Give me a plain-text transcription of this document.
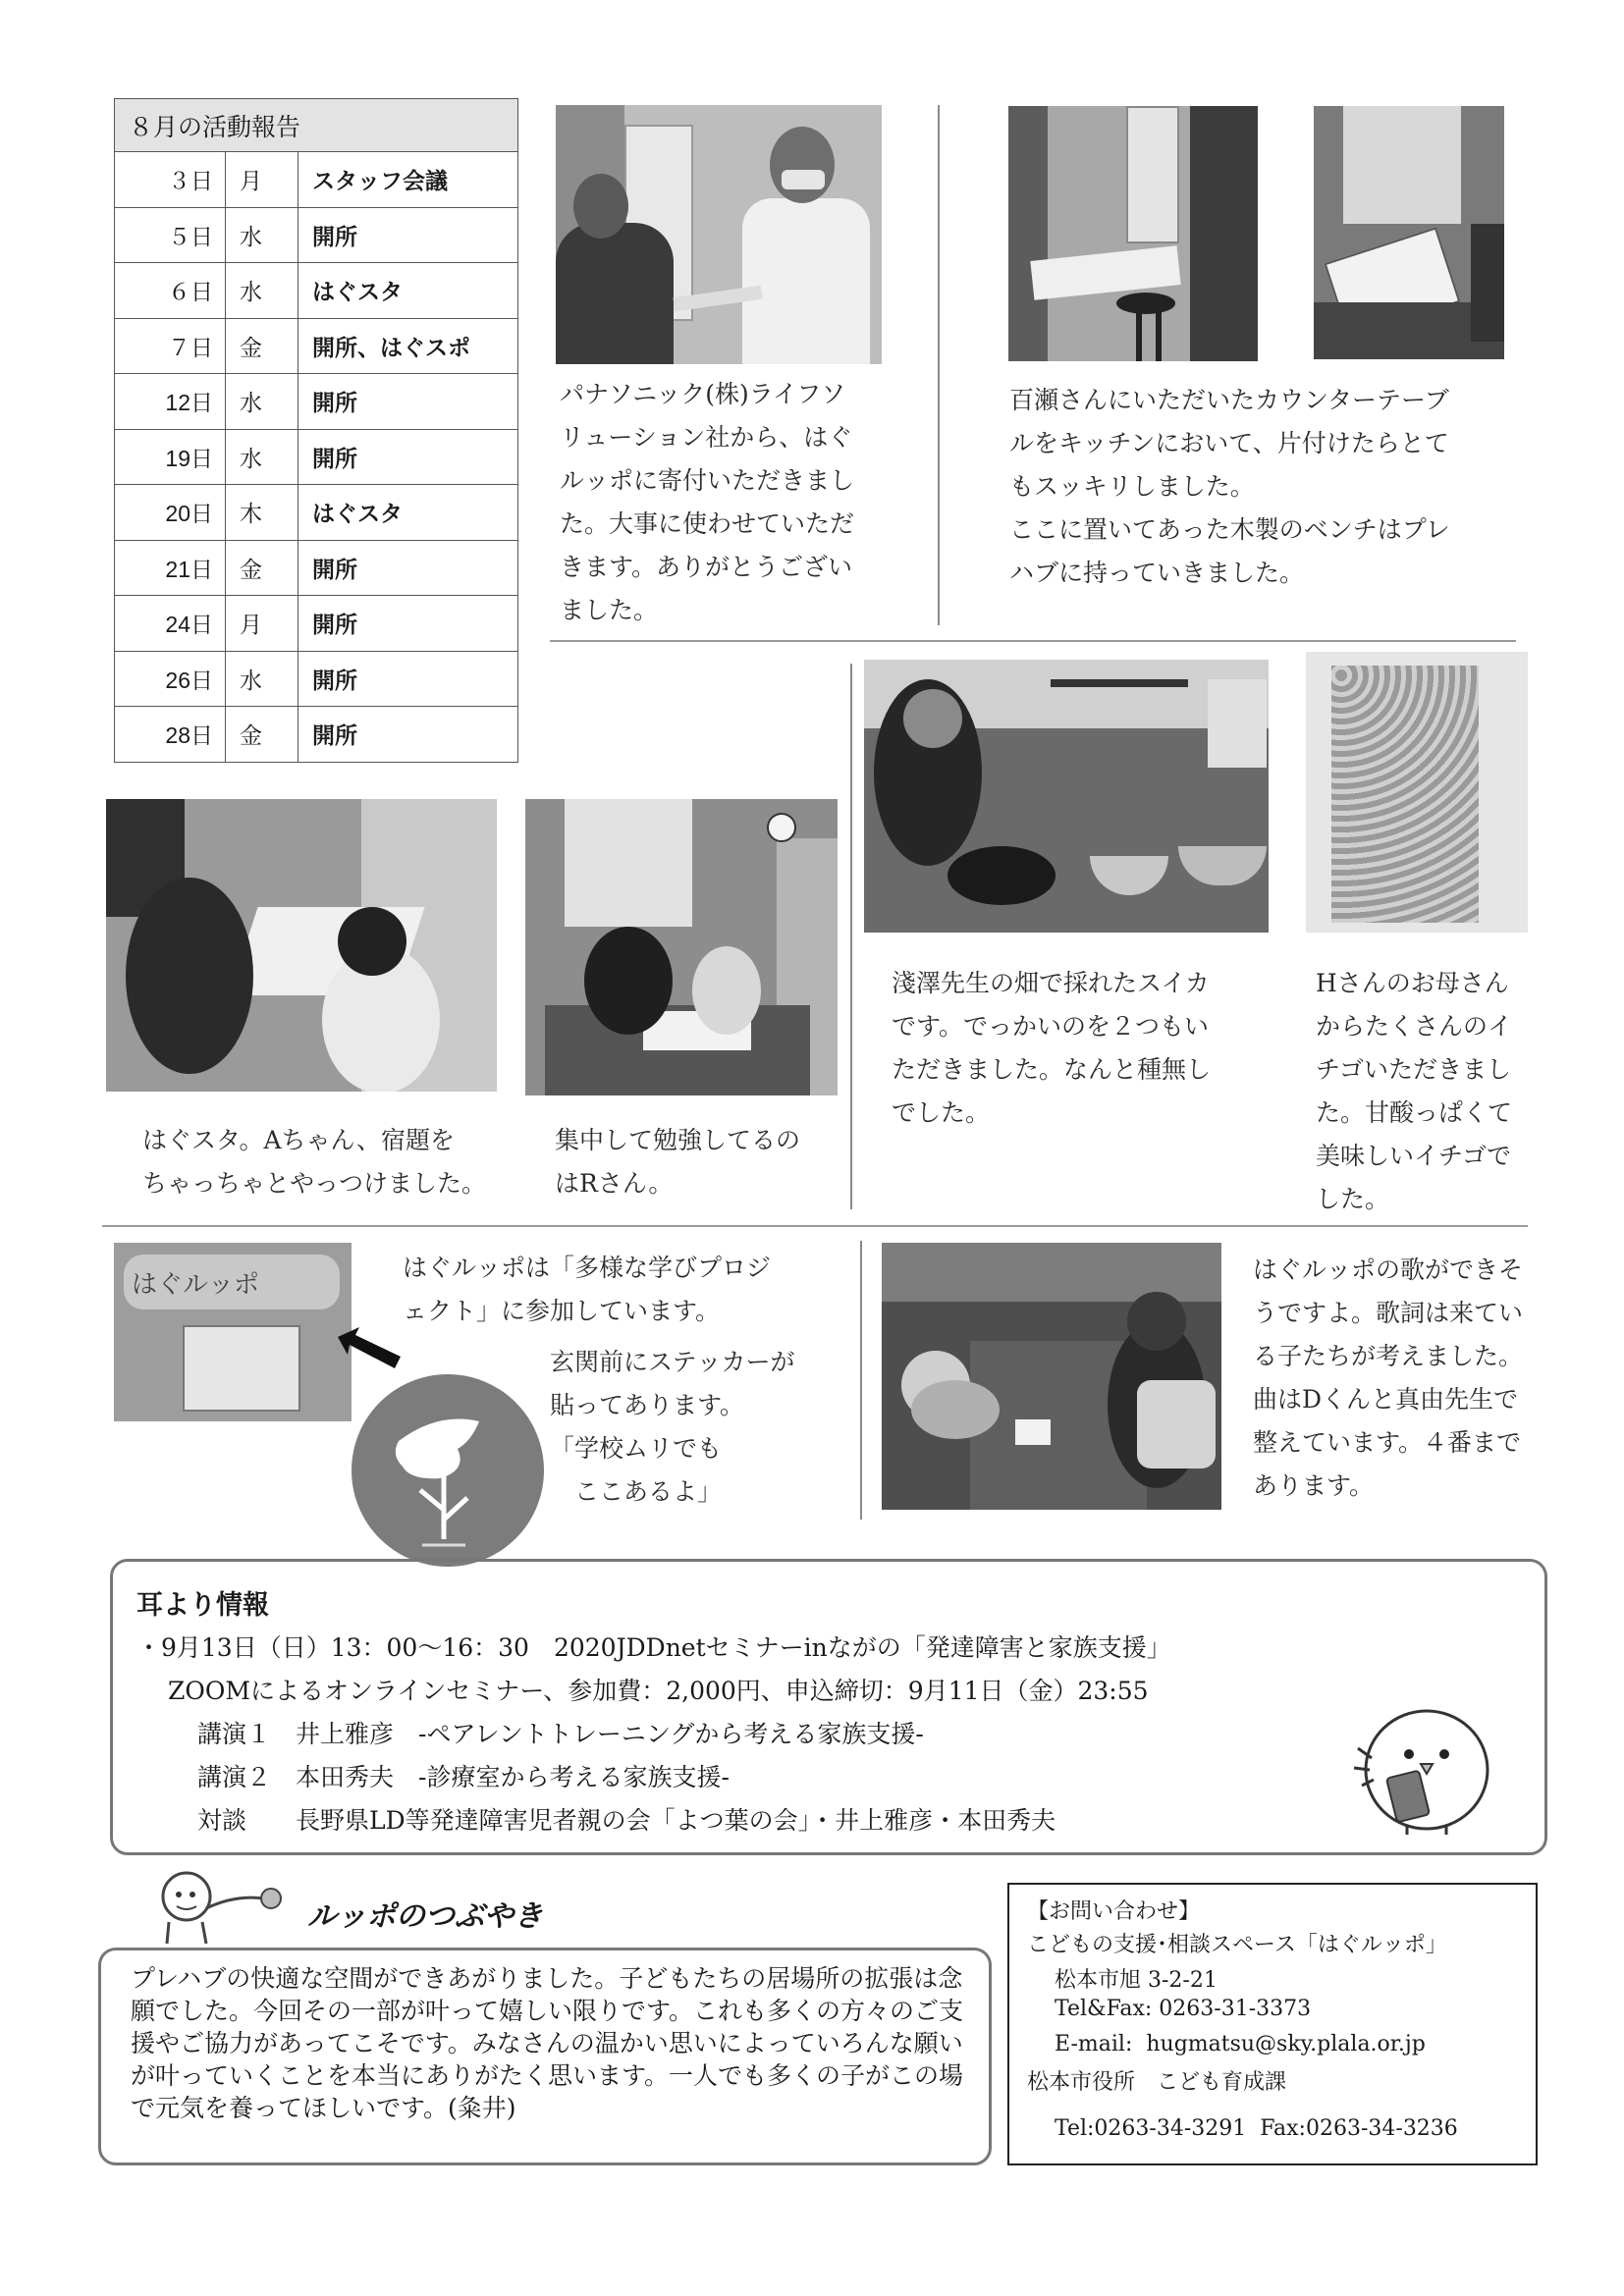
８月の活動報告		
３日	月	スタッフ会議
５日	水	開所
６日	水	はぐスタ
７日	金	開所、はぐスポ
12日	水	開所
19日	水	開所
20日	木	はぐスタ
21日	金	開所
24日	月	開所
26日	水	開所
28日	金	開所
パナソニック(株)ライフソ
リューション社から、はぐ
ルッポに寄付いただきまし
た。大事に使わせていただ
きます。ありがとうござい
ました。
百瀬さんにいただいたカウンターテーブ
ルをキッチンにおいて、片付けたらとて
もスッキリしました。
ここに置いてあった木製のベンチはプレ
ハブに持っていきました。
はぐスタ。Aちゃん、宿題を
ちゃっちゃとやっつけました。
集中して勉強してるの
はRさん。
淺澤先生の畑で採れたスイカ
です。でっかいのを２つもい
ただきました。なんと種無し
でした。
Hさんのお母さん
からたくさんのイ
チゴいただきまし
た。甘酸っぱくて
美味しいイチゴで
した。
はぐルッポ
はぐルッポは「多様な学びプロジ
ェクト」に参加しています。
玄関前にステッカーが
貼ってあります。
「学校ムリでも
　ここあるよ」
はぐルッポの歌ができそ
うですよ。歌詞は来てい
る子たちが考えました。
曲はDくんと真由先生で
整えています。４番まで
あります。
耳より情報
・9月13日（日）13：00～16：30　2020JDDnetセミナーinながの「発達障害と家族支援」
ZOOMによるオンラインセミナー、参加費：2,000円、申込締切：9月11日（金）23:55
講演１　井上雅彦　-ペアレントトレーニングから考える家族支援-
講演２　本田秀夫　-診療室から考える家族支援-
対談　　長野県LD等発達障害児者親の会「よつ葉の会」・井上雅彦・本田秀夫
ルッポのつぶやき
プレハブの快適な空間ができあがりました。子どもたちの居場所の拡張は念願でした。今回その一部が叶って嬉しい限りです。これも多くの方々のご支援やご協力があってこそです。みなさんの温かい思いによっていろんな願いが叶っていくことを本当にありがたく思います。一人でも多くの子がこの場で元気を養ってほしいです。(粂井)
【お問い合わせ】
こどもの支援･相談スペース「はぐルッポ」
松本市旭 3-2-21
Tel&Fax: 0263-31-3373
E-mail:  hugmatsu@sky.plala.or.jp
松本市役所　こども育成課
Tel:0263-34-3291  Fax:0263-34-3236
